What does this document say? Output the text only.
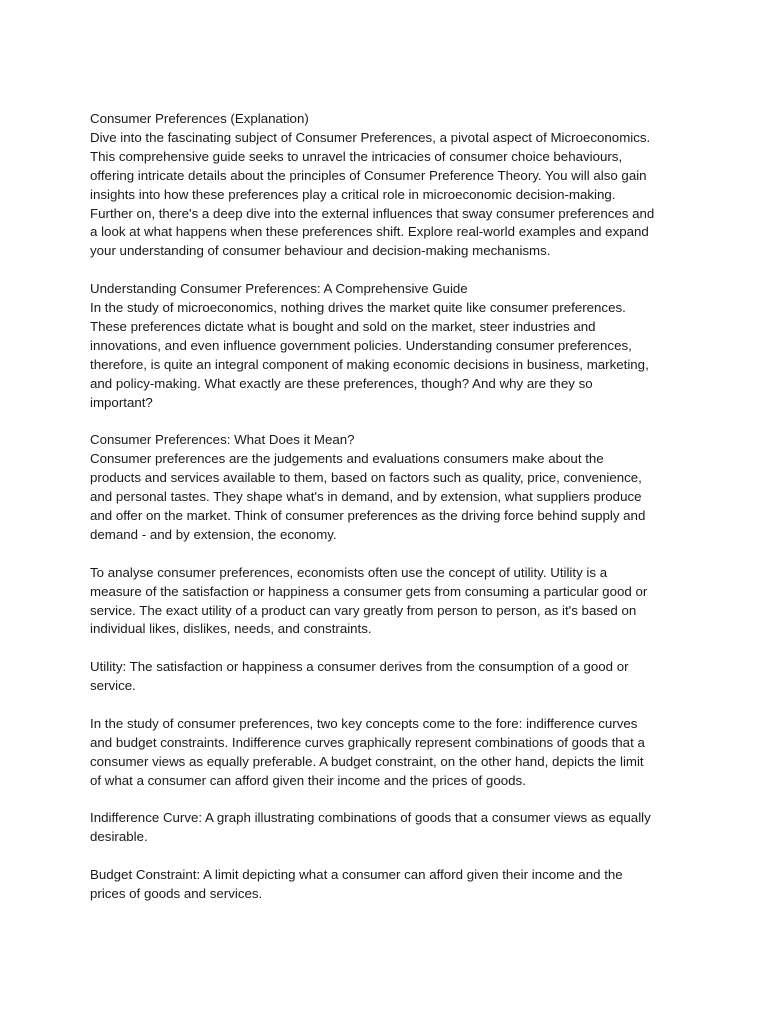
Consumer Preferences (Explanation)
Dive into the fascinating subject of Consumer Preferences, a pivotal aspect of Microeconomics.
This comprehensive guide seeks to unravel the intricacies of consumer choice behaviours,
offering intricate details about the principles of Consumer Preference Theory. You will also gain
insights into how these preferences play a critical role in microeconomic decision-making.
Further on, there's a deep dive into the external influences that sway consumer preferences and
a look at what happens when these preferences shift. Explore real-world examples and expand
your understanding of consumer behaviour and decision-making mechanisms.
Understanding Consumer Preferences: A Comprehensive Guide
In the study of microeconomics, nothing drives the market quite like consumer preferences.
These preferences dictate what is bought and sold on the market, steer industries and
innovations, and even influence government policies. Understanding consumer preferences,
therefore, is quite an integral component of making economic decisions in business, marketing,
and policy-making. What exactly are these preferences, though? And why are they so
important?
Consumer Preferences: What Does it Mean?
Consumer preferences are the judgements and evaluations consumers make about the
products and services available to them, based on factors such as quality, price, convenience,
and personal tastes. They shape what's in demand, and by extension, what suppliers produce
and offer on the market. Think of consumer preferences as the driving force behind supply and
demand - and by extension, the economy.
To analyse consumer preferences, economists often use the concept of utility. Utility is a
measure of the satisfaction or happiness a consumer gets from consuming a particular good or
service. The exact utility of a product can vary greatly from person to person, as it's based on
individual likes, dislikes, needs, and constraints.
Utility: The satisfaction or happiness a consumer derives from the consumption of a good or
service.
In the study of consumer preferences, two key concepts come to the fore: indifference curves
and budget constraints. Indifference curves graphically represent combinations of goods that a
consumer views as equally preferable. A budget constraint, on the other hand, depicts the limit
of what a consumer can afford given their income and the prices of goods.
Indifference Curve: A graph illustrating combinations of goods that a consumer views as equally
desirable.
Budget Constraint: A limit depicting what a consumer can afford given their income and the
prices of goods and services.
